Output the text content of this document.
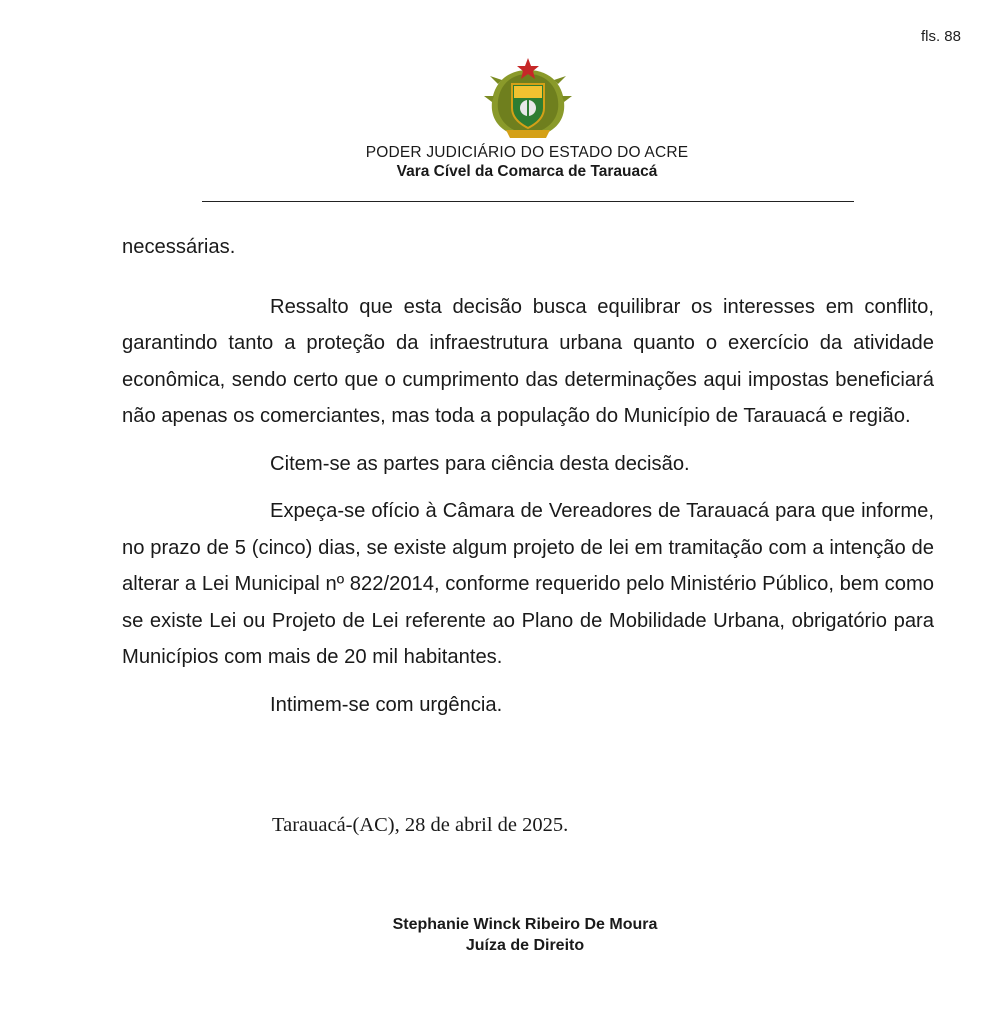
fls. 88
PODER JUDICIÁRIO DO ESTADO DO ACRE
Vara Cível da Comarca de Tarauacá

necessárias.

Ressalto que esta decisão busca equilibrar os interesses em conflito, garantindo tanto a proteção da infraestrutura urbana quanto o exercício da atividade econômica, sendo certo que o cumprimento das determinações aqui impostas beneficiará não apenas os comerciantes, mas toda a população do Município de Tarauacá e região.

Citem-se as partes para ciência desta decisão.

Expeça-se ofício à Câmara de Vereadores de Tarauacá para que informe, no prazo de 5 (cinco) dias, se existe algum projeto de lei em tramitação com a intenção de alterar a Lei Municipal nº 822/2014, conforme requerido pelo Ministério Público, bem como se existe Lei ou Projeto de Lei referente ao Plano de Mobilidade Urbana, obrigatório para Municípios com mais de 20 mil habitantes.

Intimem-se com urgência.

Tarauacá-(AC), 28 de abril de 2025.
Stephanie Winck Ribeiro De Moura
Juíza de Direito
